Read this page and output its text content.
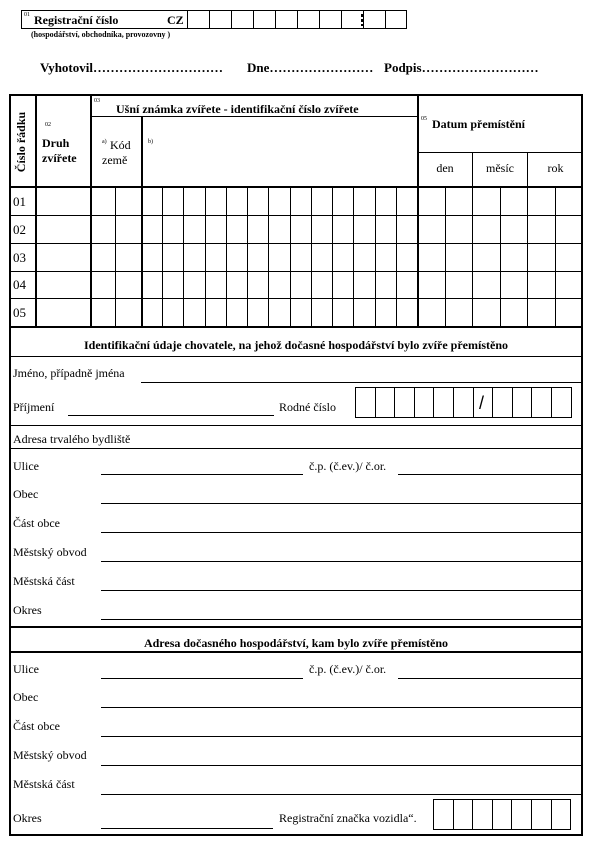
01 Registrační číslo	CZ
(hospodářství, obchodníka, provozovny )
Vyhotovil………………………… Dne…………………… Podpis………………………
Číslo řádku	02
Druh zvířete
03
Ušní známka zvířete - identifikační číslo zvířete
a) Kód země
b)
05 Datum přemístění
den	měsíc	rok
01
02
03
04
05
Identifikační údaje chovatele, na jehož dočasné hospodářství bylo zvíře přemístěno
Jméno, případně jména
Příjmení	Rodné číslo	/
Adresa trvalého bydliště
Ulice	č.p. (č.ev.)/ č.or.
Obec
Část obce
Městský obvod
Městská část
Okres
Adresa dočasného hospodářství, kam bylo zvíře přemístěno
Ulice	č.p. (č.ev.)/ č.or.
Obec
Část obce
Městský obvod
Městská část
Okres	Registrační značka vozidla“.
